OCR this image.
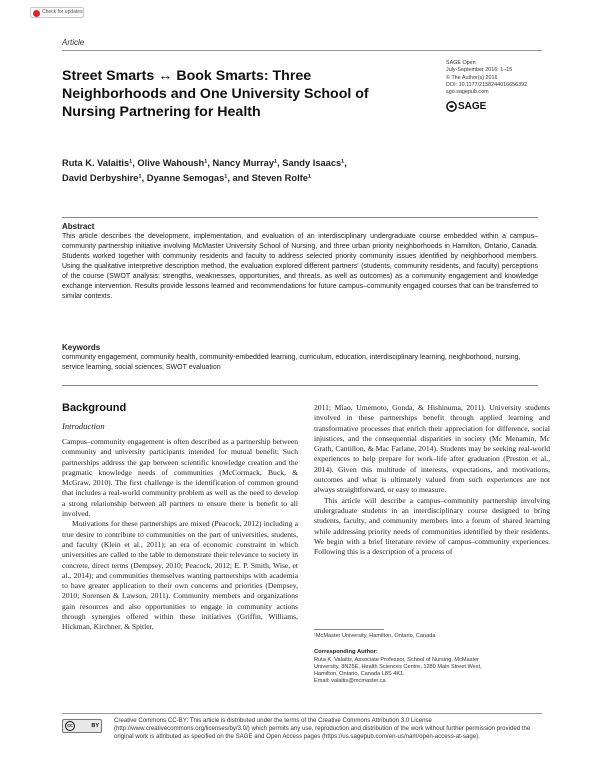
Check for updates
Article
Street Smarts ↔ Book Smarts: Three Neighborhoods and One University School of Nursing Partnering for Health
SAGE Open
July-September 2016: 1–15
© The Author(s) 2016
DOI: 10.1177/2158244016656392
sgo.sagepub.com
SAGE
Ruta K. Valaitis¹, Olive Wahoush¹, Nancy Murray¹, Sandy Isaacs¹,
David Derbyshire¹, Dyanne Semogas¹, and Steven Rolfe¹
Abstract
This article describes the development, implementation, and evaluation of an interdisciplinary undergraduate course embedded within a campus–community partnership initiative involving McMaster University School of Nursing, and three urban priority neighborhoods in Hamilton, Ontario, Canada. Students worked together with community residents and faculty to address selected priority community issues identified by neighborhood members. Using the qualitative interpretive description method, the evaluation explored different partners' (students, community residents, and faculty) perceptions of the course (SWOT analysis: strengths, weaknesses, opportunities, and threats, as well as outcomes) as a community engagement and knowledge exchange intervention. Results provide lessons learned and recommendations for future campus–community engaged courses that can be transferred to similar contexts.
Keywords
community engagement, community health, community-embedded learning, curriculum, education, interdisciplinary learning, neighborhood, nursing, service learning, social sciences, SWOT evaluation
Background
Introduction

Campus–community engagement is often described as a partnership between community and university participants intended for mutual benefit: Such partnerships address the gap between scientific knowledge creation and the pragmatic knowledge needs of communities (McCormack, Buck, & McGraw, 2010). The first challenge is the identification of common ground that includes a real-world community problem as well as the need to develop a strong relationship between all partners to ensure there is benefit to all involved.

Motivations for these partnerships are mixed (Peacock, 2012) including a true desire to contribute to communities on the part of universities, students, and faculty (Klein et al., 2011); an era of economic constraint in which universities are called to the table to demonstrate their relevance to society in concrete, direct terms (Dempsey, 2010; Peacock, 2012; E. P. Smith, Wise, et al., 2014); and communities themselves wanting partnerships with academia to have greater application to their own concerns and priorities (Dempsey, 2010; Sorensen & Lawson, 2011). Community members and organizations gain resources and also opportunities to engage in community actions through synergies offered within these initiatives (Griffin, Williams, Hickman, Kirchner, & Spitler,

2011; Miao, Umemoto, Gonda, & Hishinuma, 2011). University students involved in these partnerships benefit through applied learning and transformative processes that enrich their appreciation for difference, social injustices, and the consequential disparities in society (Mc Menamin, Mc Grath, Cantillon, & Mac Farlane, 2014). Students may be seeking real-world experiences to help prepare for work–life after graduation (Preston et al., 2014). Given this multitude of interests, expectations, and motivations, outcomes and what is ultimately valued from such experiences are not always straightforward, or easy to measure.

This article will describe a campus–community partnership involving undergraduate students in an interdisciplinary course designed to bring students, faculty, and community members into a forum of shared learning while addressing priority needs of communities identified by their residents. We begin with a brief literature review of campus–community experiences. Following this is a description of a process of

¹McMaster University, Hamilton, Ontario, Canada
Corresponding Author:
Ruta K. Valaitis, Associate Professor, School of Nursing, McMaster
University, 3N25E, Health Sciences Centre, 1280 Main Street West,
Hamilton, Ontario, Canada L8S 4K1.
Email: valaitis@mcmaster.ca
cc	BY
Creative Commons CC-BY: This article is distributed under the terms of the Creative Commons Attribution 3.0 License (http://www.creativecommons.org/licenses/by/3.0/) which permits any use, reproduction and distribution of the work without further permission provided the original work is attributed as specified on the SAGE and Open Access pages (https://us.sagepub.com/en-us/nam/open-access-at-sage).
